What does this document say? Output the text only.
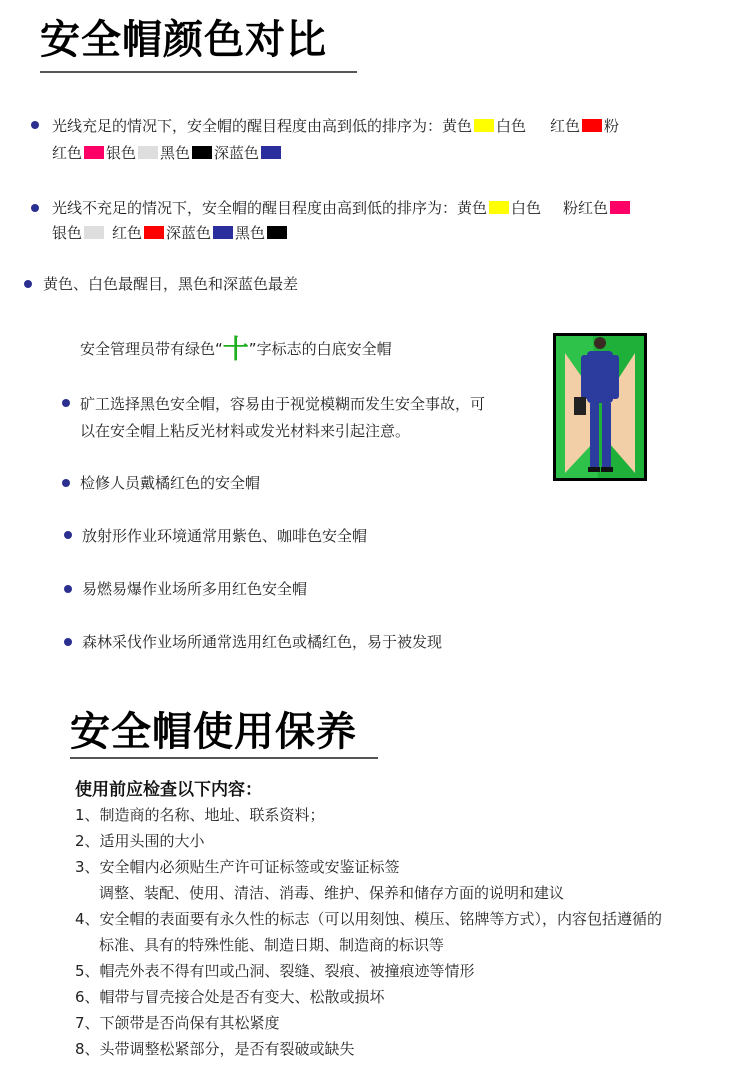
安全帽颜色对比
光线充足的情况下，安全帽的醒目程度由高到低的排序为：黄色 白色 红色 粉
红色 银色 黑色 深蓝色
光线不充足的情况下，安全帽的醒目程度由高到低的排序为：黄色 白色 粉红色
银色 红色 深蓝色 黑色
黄色、白色最醒目，黑色和深蓝色最差
安全管理员带有绿色“十”字标志的白底安全帽
矿工选择黑色安全帽，容易由于视觉模糊而发生安全事故，可
以在安全帽上粘反光材料或发光材料来引起注意。
检修人员戴橘红色的安全帽
放射形作业环境通常用紫色、咖啡色安全帽
易燃易爆作业场所多用红色安全帽
森林采伐作业场所通常选用红色或橘红色，易于被发现
安全帽使用保养
使用前应检查以下内容：
1、制造商的名称、地址、联系资料；
2、适用头围的大小
3、安全帽内必须贴生产许可证标签或安鉴证标签
调整、装配、使用、清洁、消毒、维护、保养和储存方面的说明和建议
4、安全帽的表面要有永久性的标志（可以用刻蚀、模压、铭牌等方式），内容包括遵循的
标准、具有的特殊性能、制造日期、制造商的标识等
5、帽壳外表不得有凹或凸洞、裂缝、裂痕、被撞痕迹等情形
6、帽带与冒壳接合处是否有变大、松散或损坏
7、下颌带是否尚保有其松紧度
8、头带调整松紧部分，是否有裂破或缺失
